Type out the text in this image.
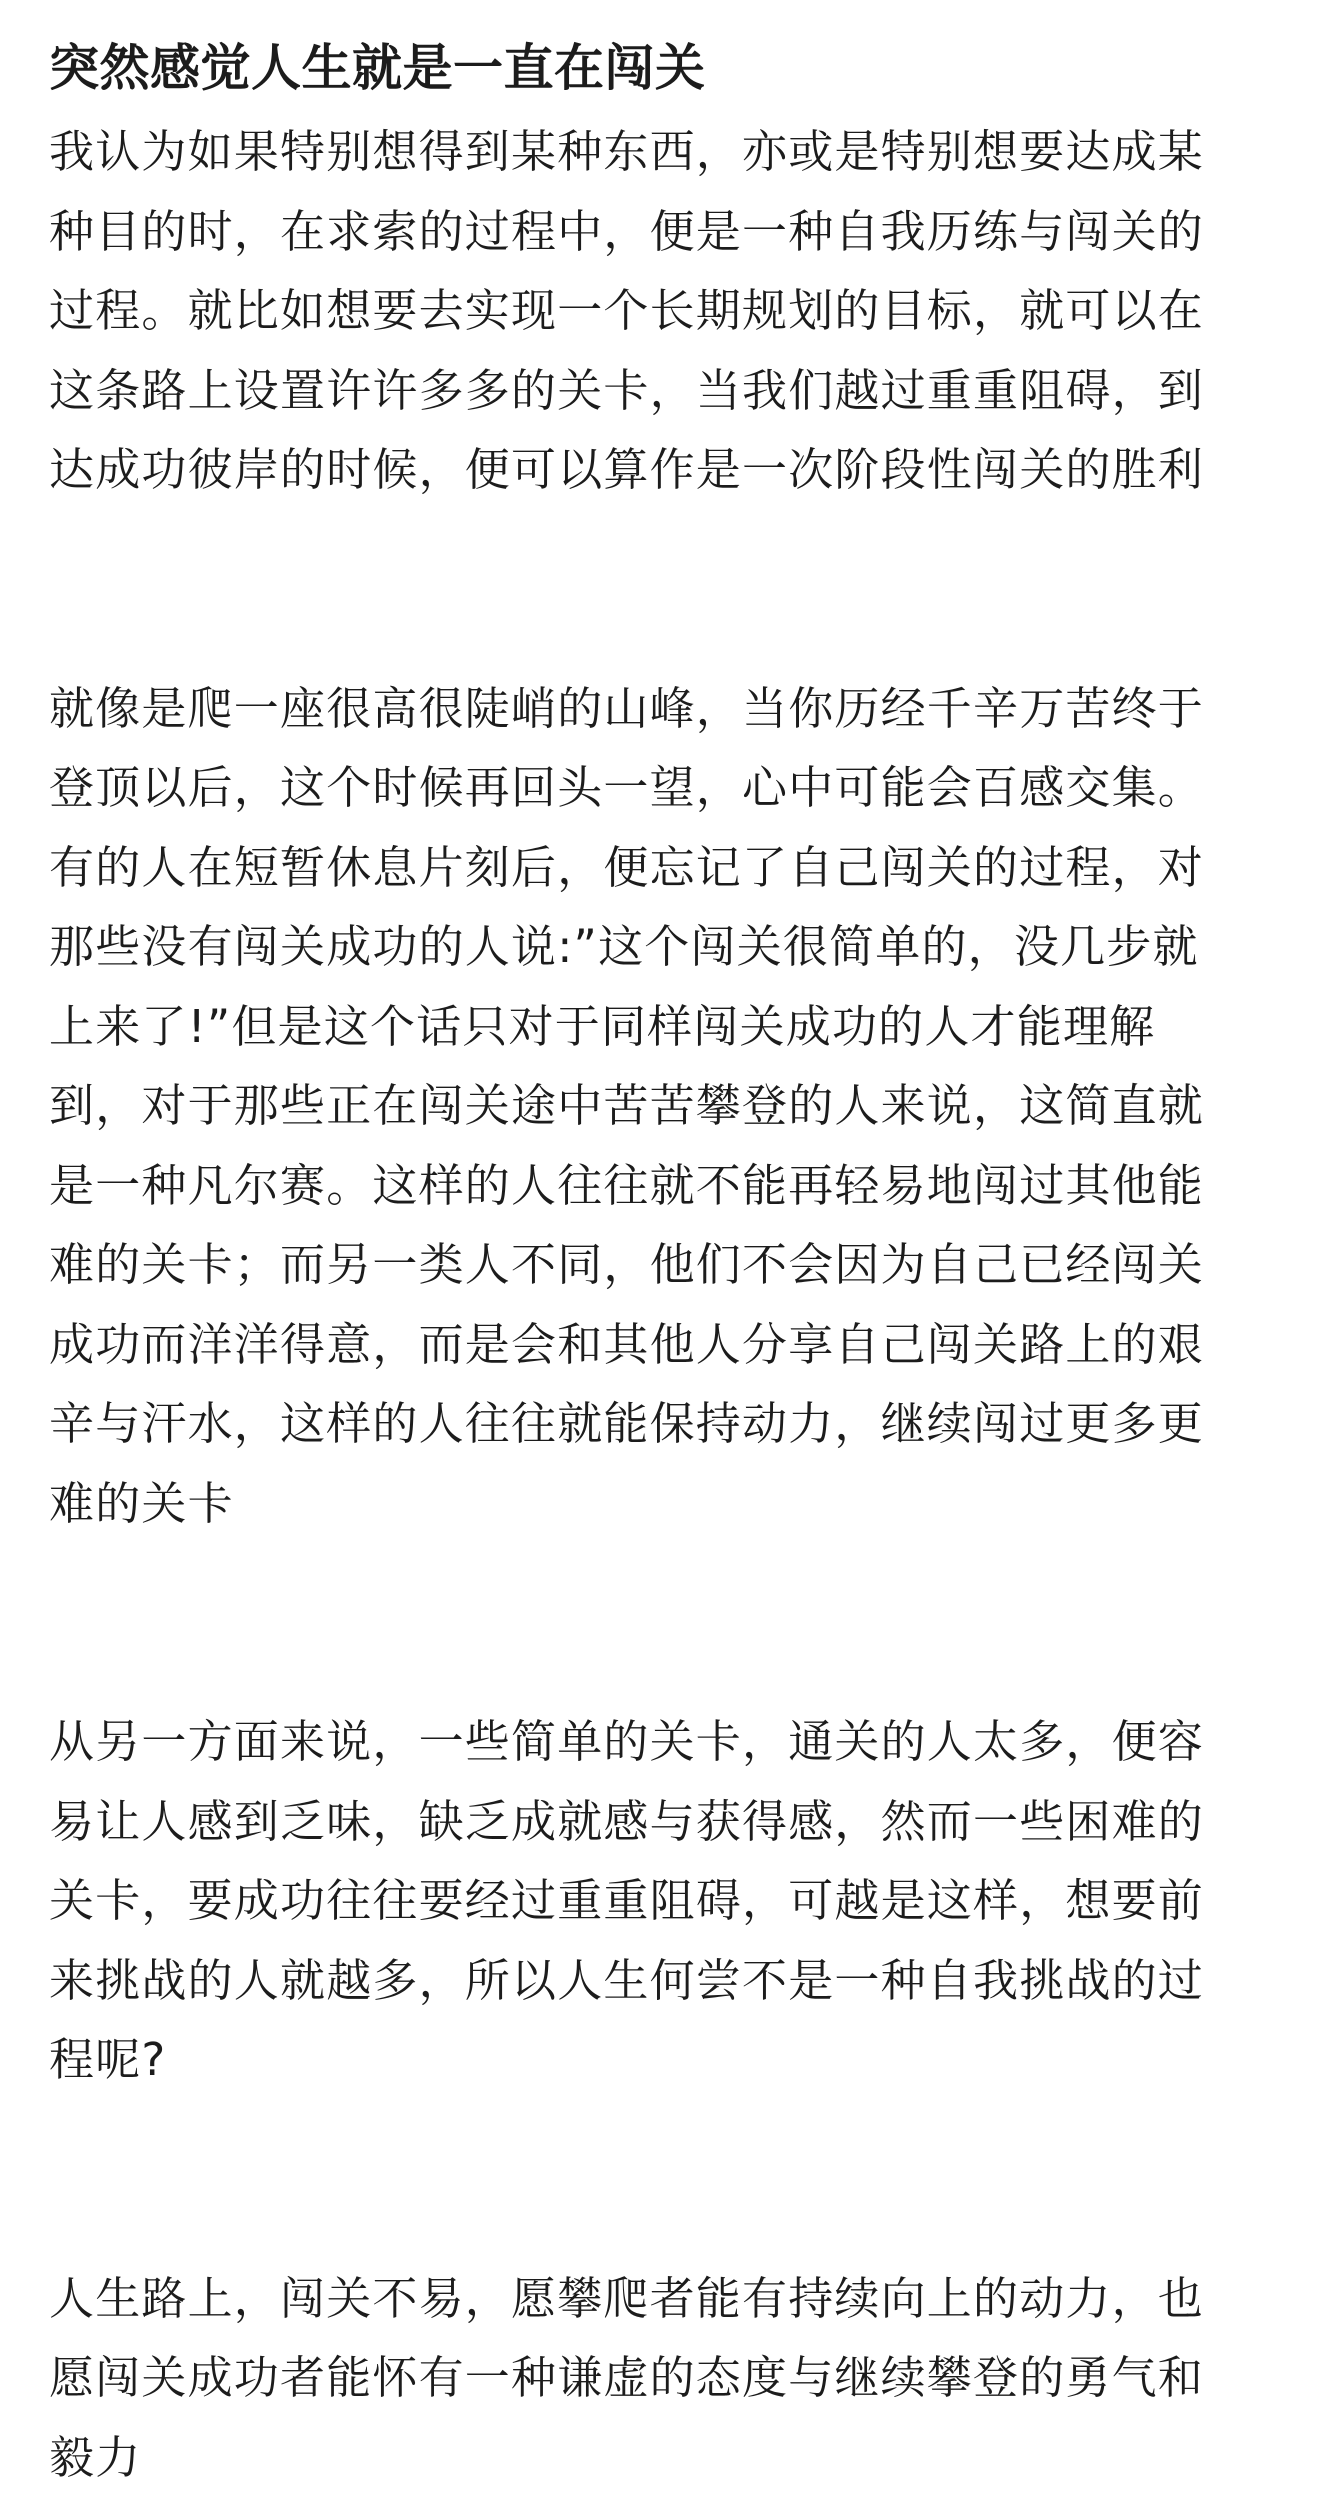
突然感觉人生就是一直在闯关

我认为如果特别想得到某种东西，亦或是特别想要达成某
种目的时，在求索的过程中，便是一种自我历练与闯关的
过程。就比如想要去实现一个长期规划的目标，就可以在
这条路上设置许许多多的关卡，当我们越过重重阻碍，到
达成功彼岸的时候，便可以算作是一次阶段性闯关的胜利

就像是爬一座很高很陡峭的山峰，当你历经千辛万苦终于
登顶以后，这个时候再回头一望，心中可能会百感交集。
有的人在短暂休息片刻后，便忘记了自己闯关的过程，对
那些没有闯关成功的人说:”这个闯关很简单的，没几步就
上来了!”但是这个话只对于同样闯关成功的人才能理解
到，对于那些正在闯关途中苦苦攀登的人来说，这简直就
是一种凡尔赛。这样的人往往就不能再轻易地闯过其他能
难的关卡；而另一类人不同，他们不会因为自己已经闯关
成功而洋洋得意，而是会和其他人分享自己闯关路上的艰
辛与汗水，这样的人往往就能保持动力，继续闯过更多更
难的关卡

从另一方面来说，一些简单的关卡，通关的人太多，便容
易让人感到乏味，缺乏成就感与获得感，然而一些困难的
关卡，要成功往往要经过重重阻碍，可越是这样，想要前
来挑战的人就越多，所以人生何尝不是一种自我挑战的过
程呢?

人生路上，闯关不易，愿攀爬者能有持续向上的动力，也
愿闯关成功者能怀有一种谦虚的态度与继续攀登的勇气和
毅力
